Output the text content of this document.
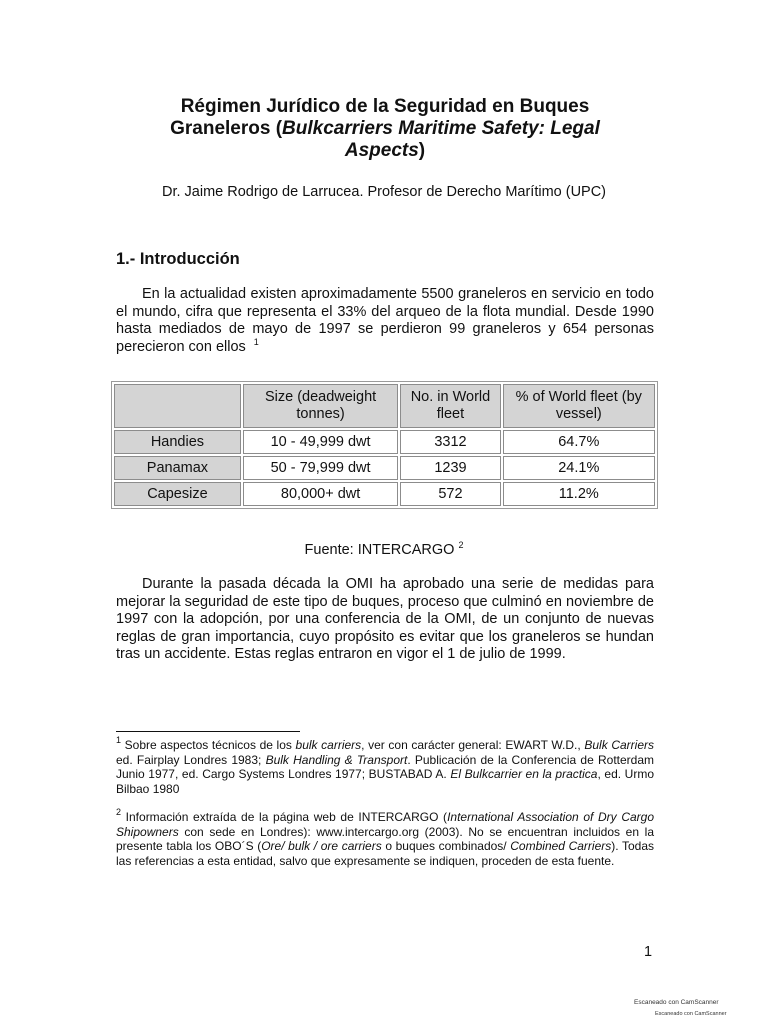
Régimen Jurídico de la Seguridad en Buques
Graneleros (Bulkcarriers Maritime Safety: Legal
Aspects)
Dr. Jaime Rodrigo de Larrucea. Profesor de Derecho Marítimo (UPC)
1.- Introducción
En la actualidad existen aproximadamente 5500 graneleros en servicio en todo el mundo, cifra que representa el 33% del arqueo de la flota mundial. Desde 1990 hasta mediados de mayo de 1997 se perdieron 99 graneleros y 654 personas perecieron con ellos $^1$
	Size (deadweight tonnes)	No. in World fleet	% of World fleet (by vessel)
Handies	10 - 49,999 dwt	3312	64.7%
Panamax	50 - 79,999 dwt	1239	24.1%
Capesize	80,000+ dwt	572	11.2%
Fuente: INTERCARGO $^2$
Durante la pasada década la OMI ha aprobado una serie de medidas para mejorar la seguridad de este tipo de buques, proceso que culminó en noviembre de 1997 con la adopción, por una conferencia de la OMI, de un conjunto de nuevas reglas de gran importancia, cuyo propósito es evitar que los graneleros se hundan tras un accidente. Estas reglas entraron en vigor el 1 de julio de 1999.
$^1$ Sobre aspectos técnicos de los bulk carriers, ver con carácter general: EWART W.D., Bulk Carriers ed. Fairplay Londres 1983; Bulk Handling & Transport. Publicación de la Conferencia de Rotterdam Junio 1977, ed. Cargo Systems Londres 1977; BUSTABAD A. El Bulkcarrier en la practica, ed. Urmo Bilbao 1980
$^2$ Información extraída de la página web de INTERCARGO (International Association of Dry Cargo Shipowners con sede en Londres): www.intercargo.org (2003). No se encuentran incluidos en la presente tabla los OBO´S (Ore/ bulk / ore carriers o buques combinados/ Combined Carriers). Todas las referencias a esta entidad, salvo que expresamente se indiquen, proceden de esta fuente.
1
Escaneado con CamScanner
Escaneado con CamScanner
